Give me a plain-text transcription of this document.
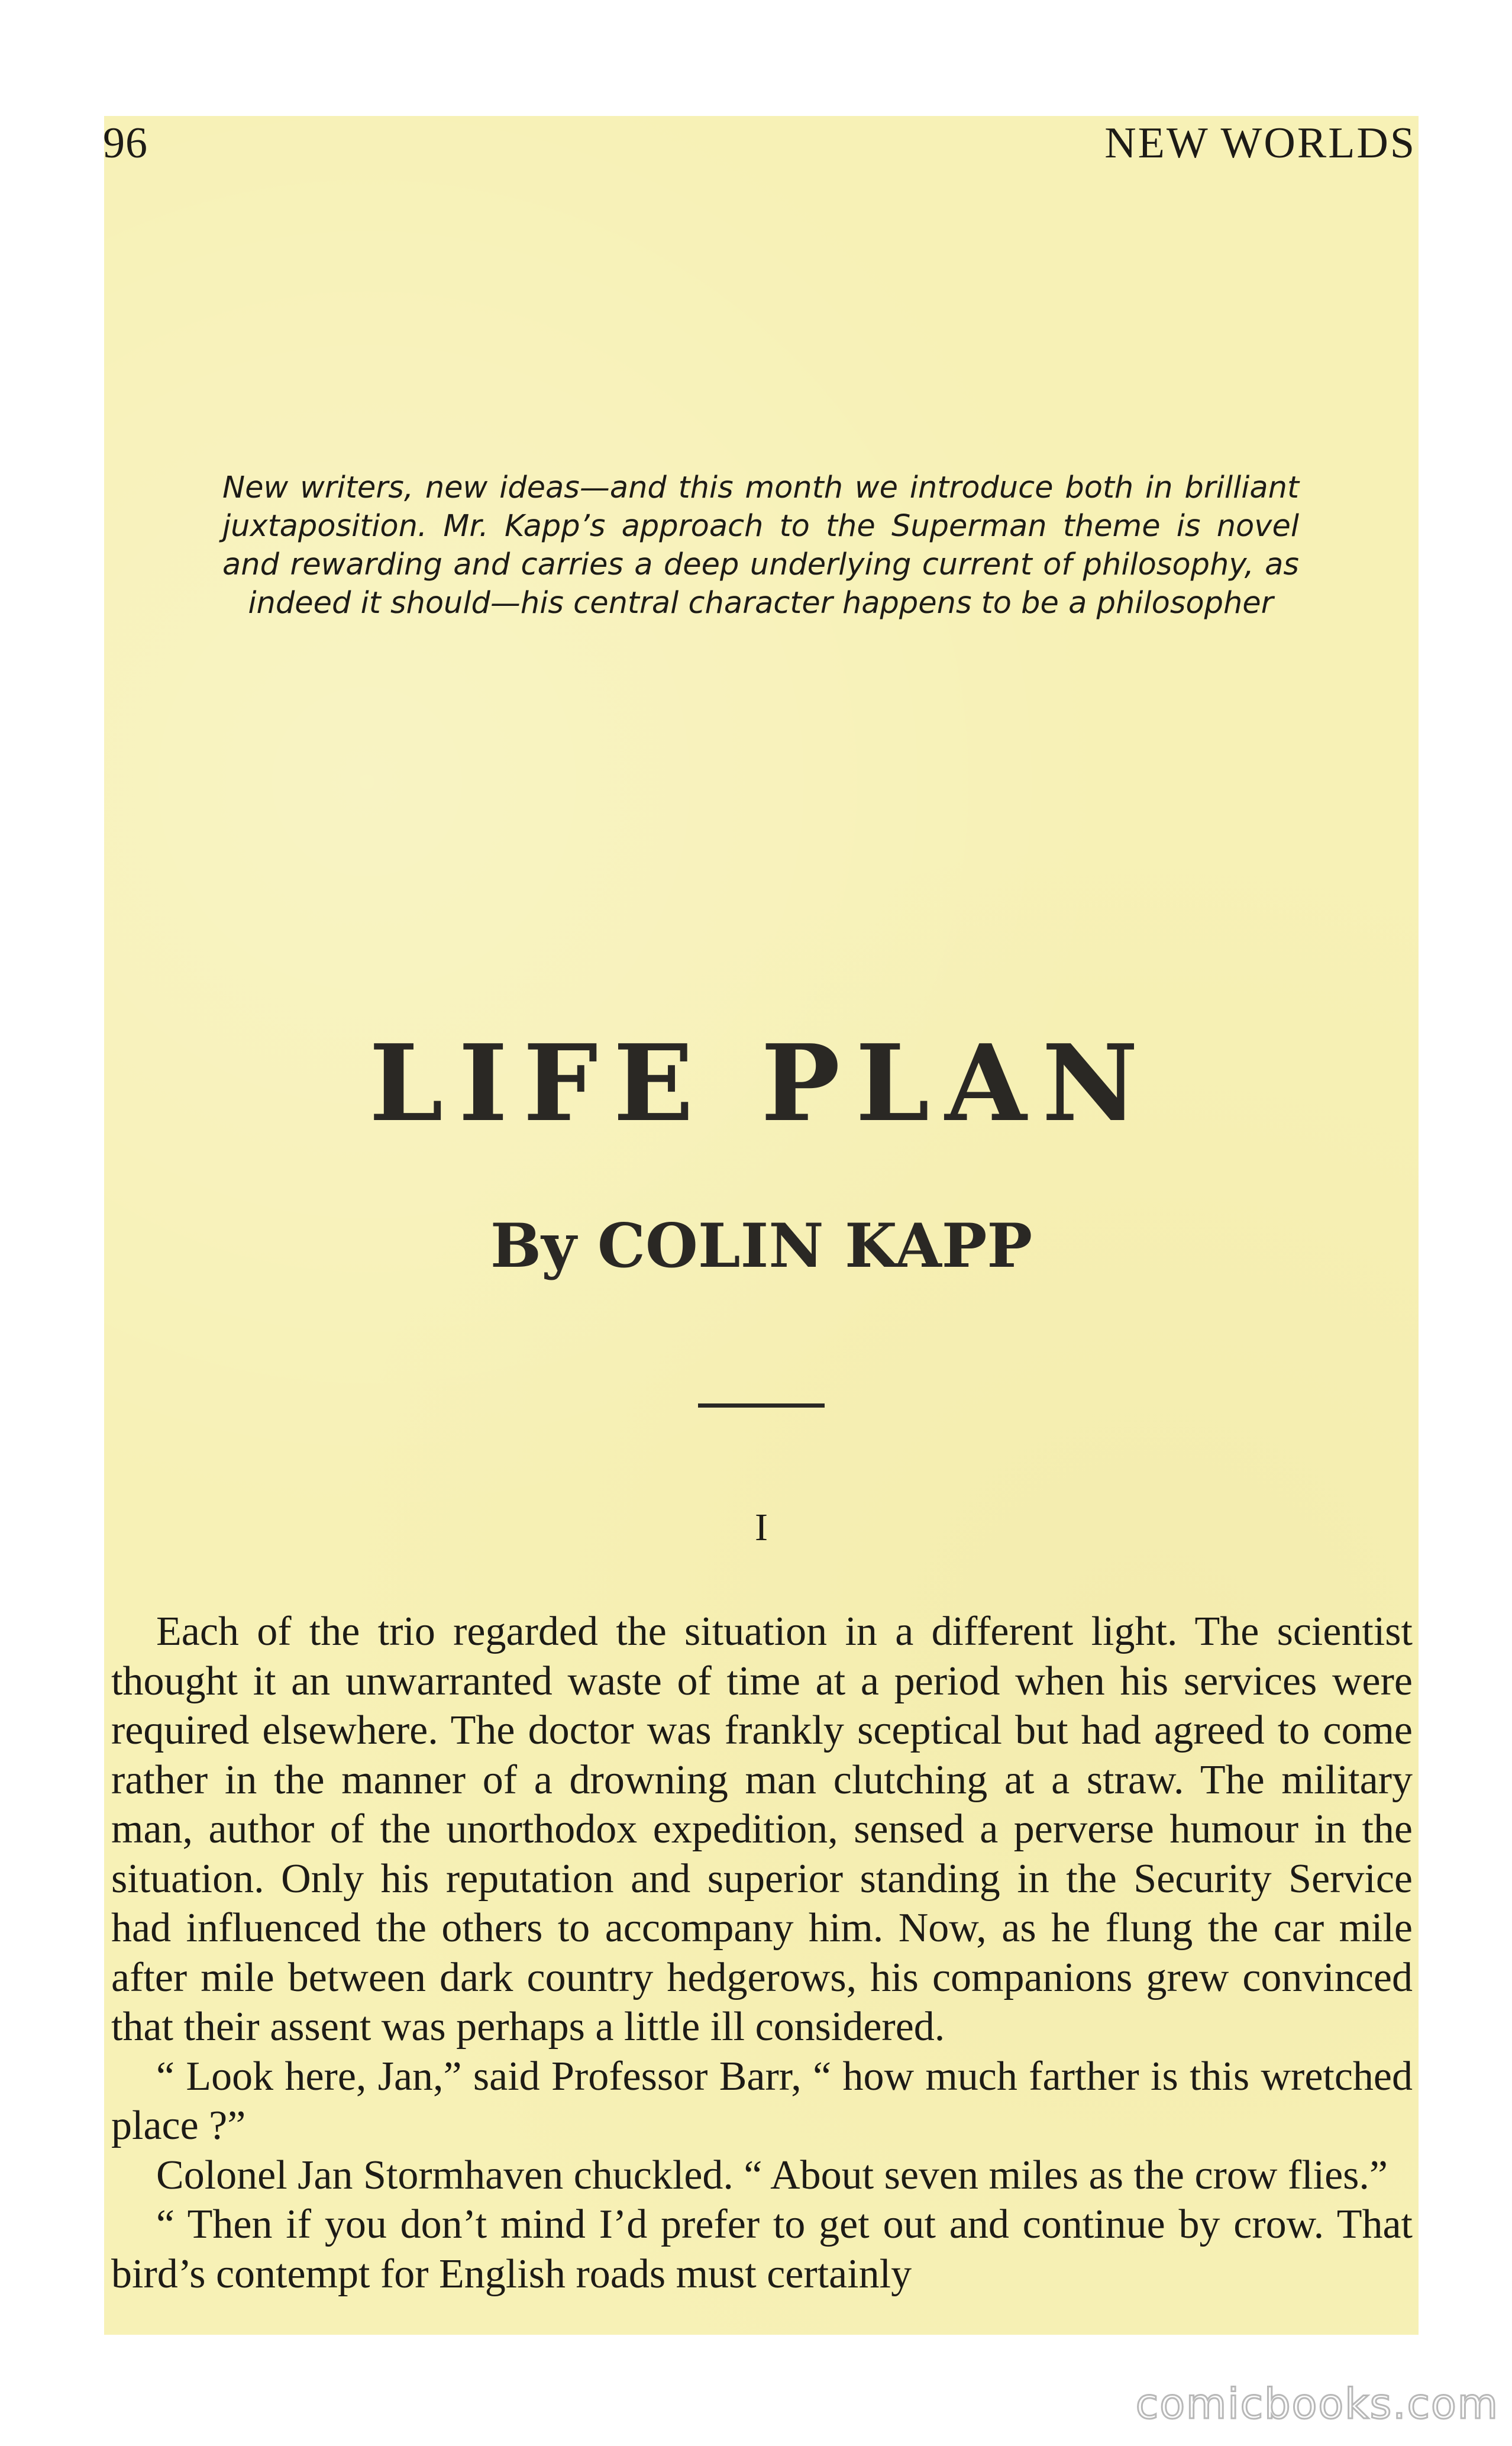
96	NEW WORLDS
New writers, new ideas—and this month we introduce both in brilliant juxtaposition. Mr. Kapp’s approach to the Superman theme is novel and rewarding and carries a deep underlying current of philosophy, as indeed it should—his central character happens to be a philosopher
LIFE PLAN
By COLIN KAPP
I

Each of the trio regarded the situation in a different light. The scientist thought it an unwarranted waste of time at a period when his services were required elsewhere. The doctor was frankly sceptical but had agreed to come rather in the manner of a drowning man clutching at a straw. The military man, author of the unorthodox expedition, sensed a perverse humour in the situation. Only his reputation and superior standing in the Security Service had influenced the others to accompany him. Now, as he flung the car mile after mile between dark country hedgerows, his companions grew convinced that their assent was perhaps a little ill considered.

“ Look here, Jan,” said Professor Barr, “ how much farther is this wretched place ?”

Colonel Jan Stormhaven chuckled. “ About seven miles as the crow flies.”

“ Then if you don’t mind I’d prefer to get out and continue by crow. That bird’s contempt for English roads must certainly

comicbooks.com
